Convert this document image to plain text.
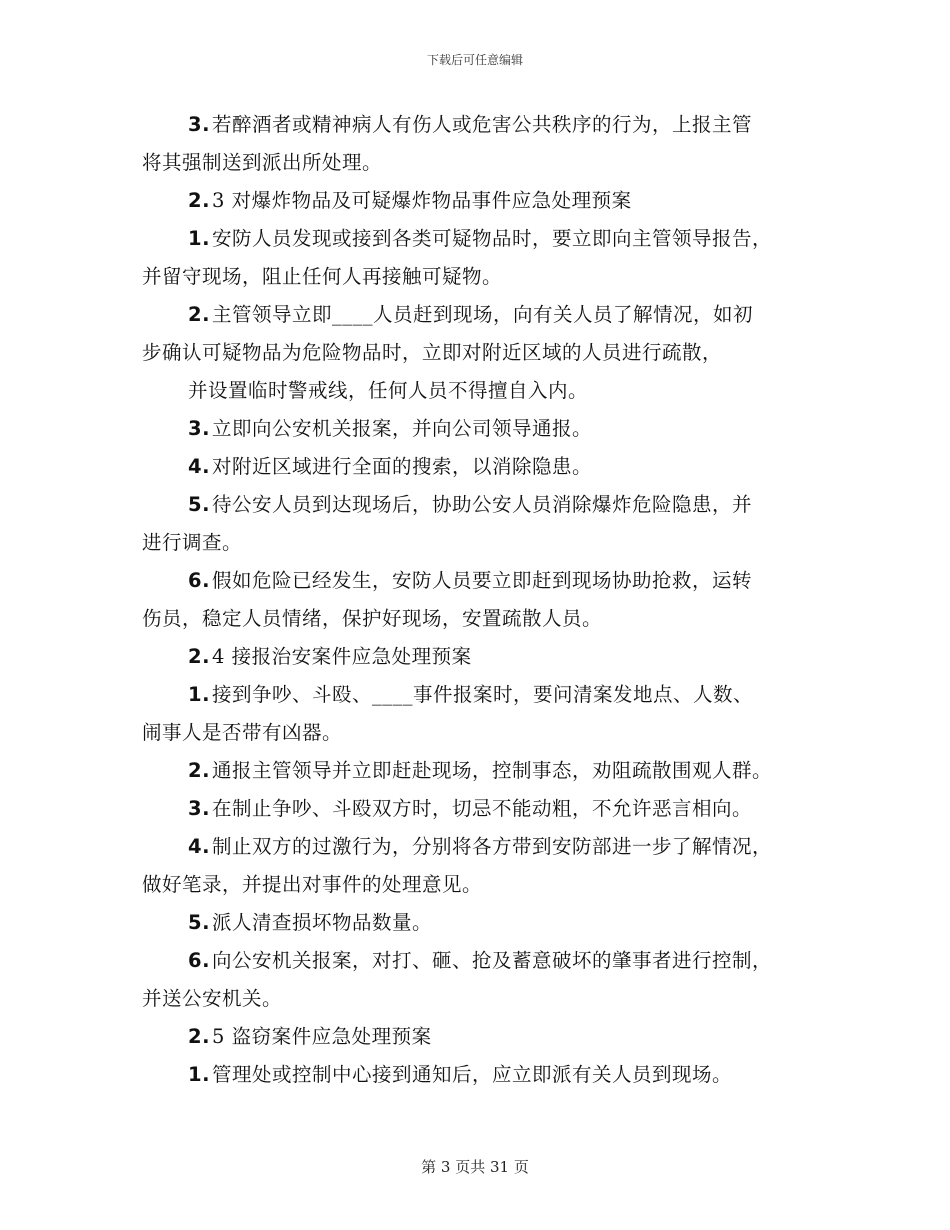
下载后可任意编辑
3. 若醉酒者或精神病人有伤人或危害公共秩序的行为，上报主管
将其强制送到派出所处理。
2. 3 对爆炸物品及可疑爆炸物品事件应急处理预案
1. 安防人员发现或接到各类可疑物品时，要立即向主管领导报告，
并留守现场，阻止任何人再接触可疑物。
2. 主管领导立即____人员赶到现场，向有关人员了解情况，如初
步确认可疑物品为危险物品时，立即对附近区域的人员进行疏散，
并设置临时警戒线，任何人员不得擅自入内。
3. 立即向公安机关报案，并向公司领导通报。
4. 对附近区域进行全面的搜索，以消除隐患。
5. 待公安人员到达现场后，协助公安人员消除爆炸危险隐患，并
进行调查。
6. 假如危险已经发生，安防人员要立即赶到现场协助抢救，运转
伤员，稳定人员情绪，保护好现场，安置疏散人员。
2. 4 接报治安案件应急处理预案
1. 接到争吵、斗殴、____事件报案时，要问清案发地点、人数、
闹事人是否带有凶器。
2. 通报主管领导并立即赶赴现场，控制事态，劝阻疏散围观人群。
3. 在制止争吵、斗殴双方时，切忌不能动粗，不允许恶言相向。
4. 制止双方的过激行为，分别将各方带到安防部进一步了解情况，
做好笔录，并提出对事件的处理意见。
5. 派人清查损坏物品数量。
6. 向公安机关报案，对打、砸、抢及蓄意破坏的肇事者进行控制，
并送公安机关。
2. 5 盗窃案件应急处理预案
1. 管理处或控制中心接到通知后，应立即派有关人员到现场。
第 3 页共 31 页
